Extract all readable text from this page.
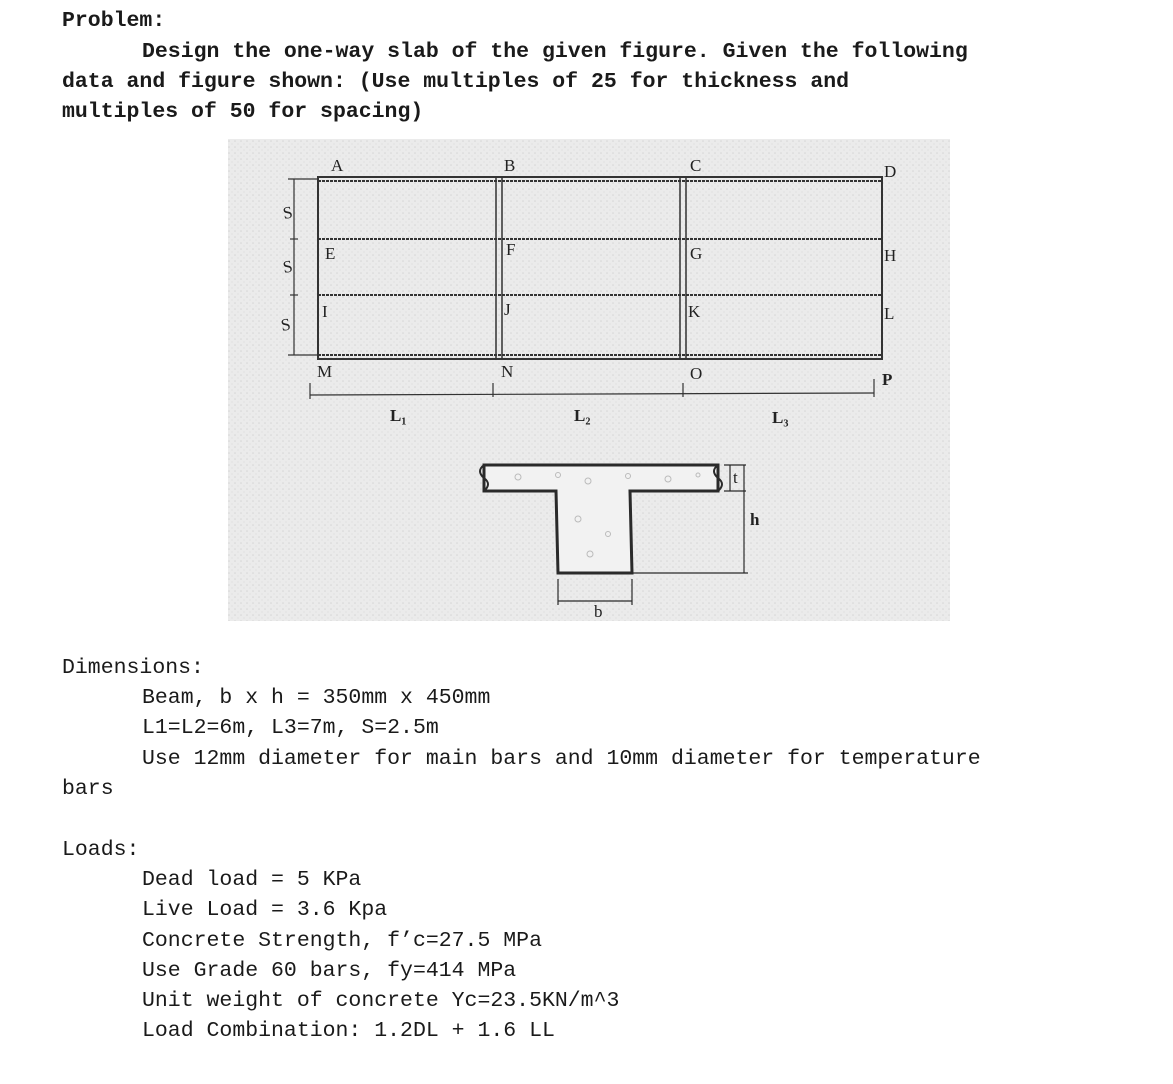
Problem:
Design the one-way slab of the given figure. Given the following
data and figure shown: (Use multiples of 25 for thickness and
multiples of 50 for spacing)
S
S
S
A	B	C	D
E	F	G	H
I	J	K	L
M	N	O	P
L₁	L₂	L₃
t
h
b
Dimensions:
Beam, b x h = 350mm x 450mm
L1=L2=6m, L3=7m, S=2.5m
Use 12mm diameter for main bars and 10mm diameter for temperature
bars
Loads:
Dead load = 5 KPa
Live Load = 3.6 Kpa
Concrete Strength, f’c=27.5 MPa
Use Grade 60 bars, fy=414 MPa
Unit weight of concrete Yc=23.5KN/m^3
Load Combination: 1.2DL + 1.6 LL
